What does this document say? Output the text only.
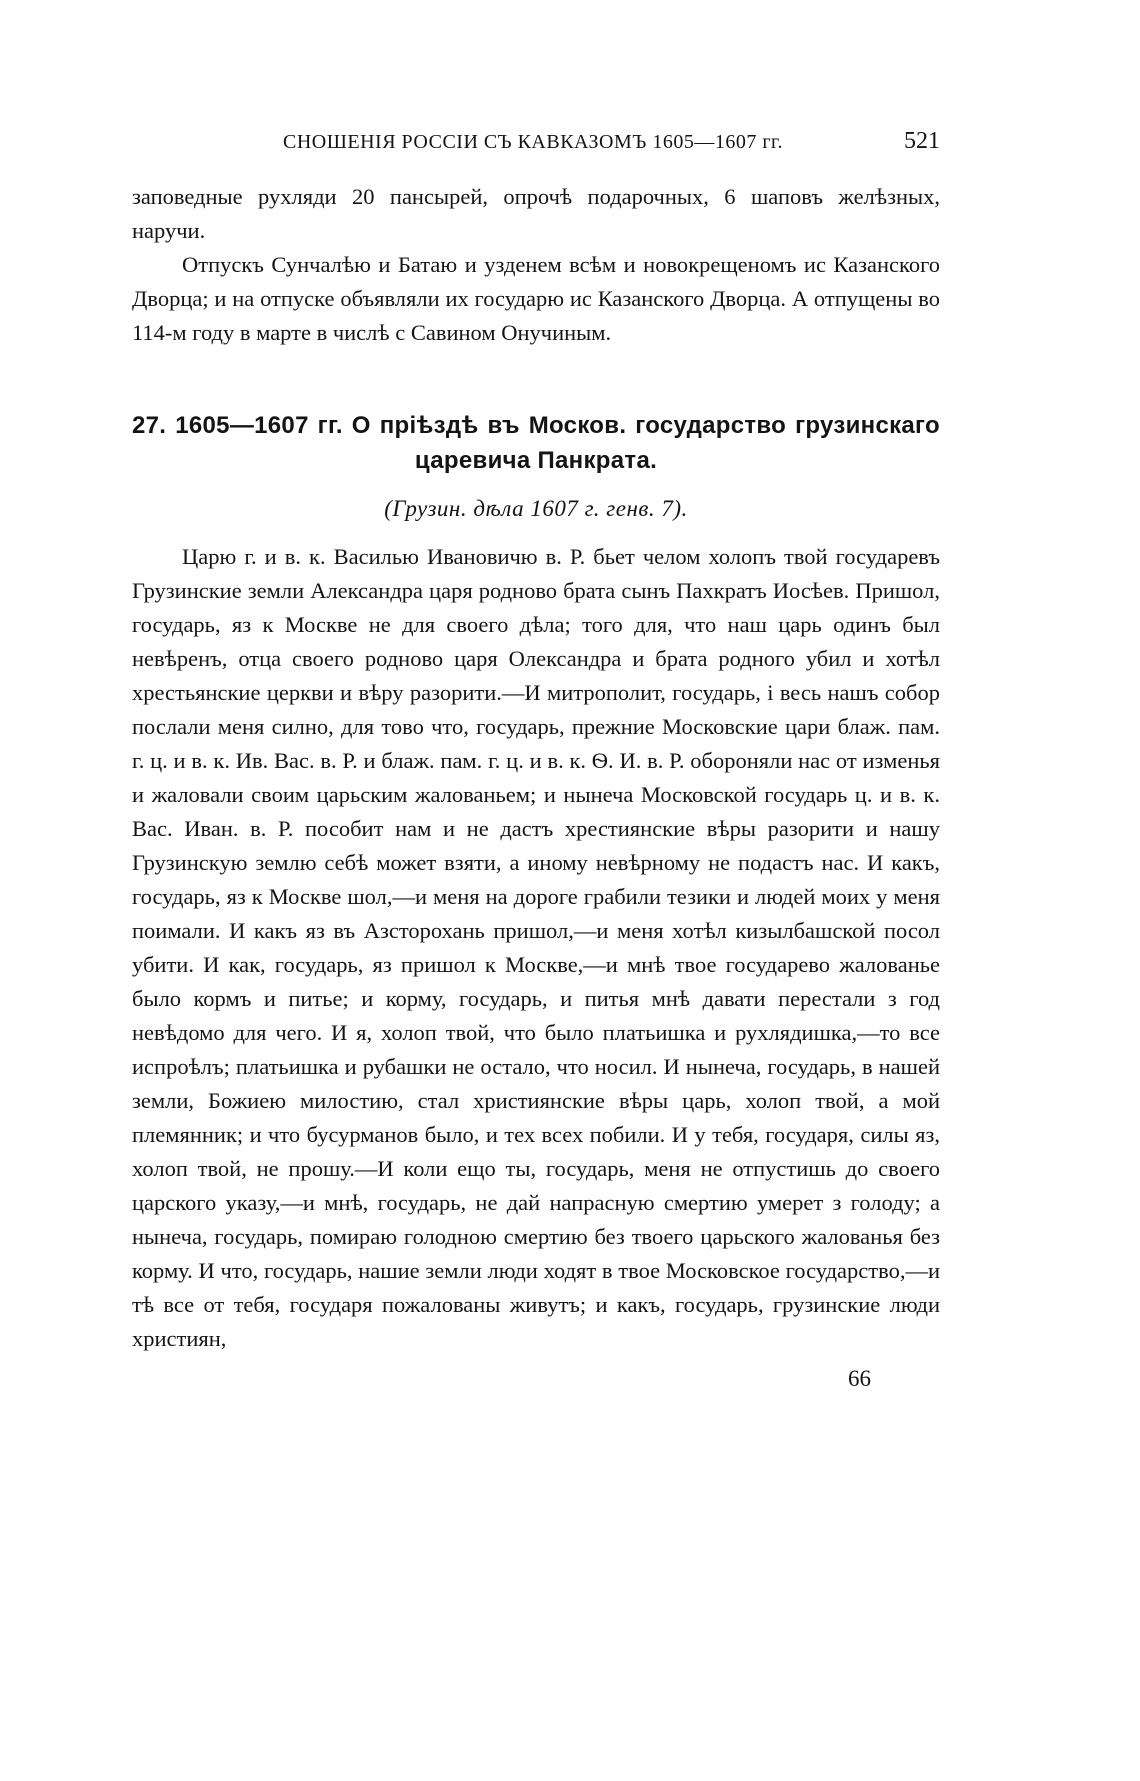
СНОШЕНІЯ РОССІИ СЪ КАВКАЗОМЪ 1605—1607 гг.	521

заповедные рухляди 20 пансырей, опрочѣ подарочных, 6 шаповъ желѣзных, наручи.

Отпускъ Сунчалѣю и Батаю и узденем всѣм и новокрещеномъ ис Казанского Дворца; и на отпуске объявляли их государю ис Казанского Дворца. А отпущены во 114-м году в марте в числѣ с Савином Онучиным.

27. 1605—1607 гг. О пріѣздѣ въ Москов. государство грузинскаго
царевича Панкрата.
(Грузин. дѣла 1607 г. генв. 7).

Царю г. и в. к. Василью Ивановичю в. Р. бьет челом холопъ твой государевъ Грузинские земли Александра царя родново брата сынъ Пахкратъ Иосѣев. Пришол, государь, яз к Москве не для своего дѣла; того для, что наш царь одинъ был невѣренъ, отца своего родново царя Олександра и брата родного убил и хотѣл хрестьянские церкви и вѣру разорити.—И митрополит, государь, і весь нашъ собор послали меня силно, для тово что, государь, прежние Московские цари блаж. пам. г. ц. и в. к. Ив. Вас. в. Р. и блаж. пам. г. ц. и в. к. Ѳ. И. в. Р. обороняли нас от изменья и жаловали своим царьским жалованьем; и нынеча Московской государь ц. и в. к. Вас. Иван. в. Р. пособит нам и не дастъ хрестиянские вѣры разорити и нашу Грузинскую землю себѣ может взяти, а иному невѣрному не подастъ нас. И какъ, государь, яз к Москве шол,—и меня на дороге грабили тезики и людей моих у меня поимали. И какъ яз въ Азсторохань пришол,—и меня хотѣл кизылбашской посол убити. И как, государь, яз пришол к Москве,—и мнѣ твое государево жалованье было кормъ и питье; и корму, государь, и питья мнѣ давати перестали з год невѣдомо для чего. И я, холоп твой, что было платьишка и рухлядишка,—то все испроѣлъ; платьишка и рубашки не остало, что носил. И нынеча, государь, в нашей земли, Божиею милостию, стал християнские вѣры царь, холоп твой, а мой племянник; и что бусурманов было, и тех всех побили. И у тебя, государя, силы яз, холоп твой, не прошу.—И коли ещо ты, государь, меня не отпустишь до своего царского указу,—и мнѣ, государь, не дай напрасную смертию умерет з голоду; а нынеча, государь, помираю голодною смертию без твоего царьского жалованья без корму. И что, государь, нашие земли люди ходят в твое Московское государство,—и тѣ все от тебя, государя пожалованы живутъ; и какъ, государь, грузинские люди християн,

66
